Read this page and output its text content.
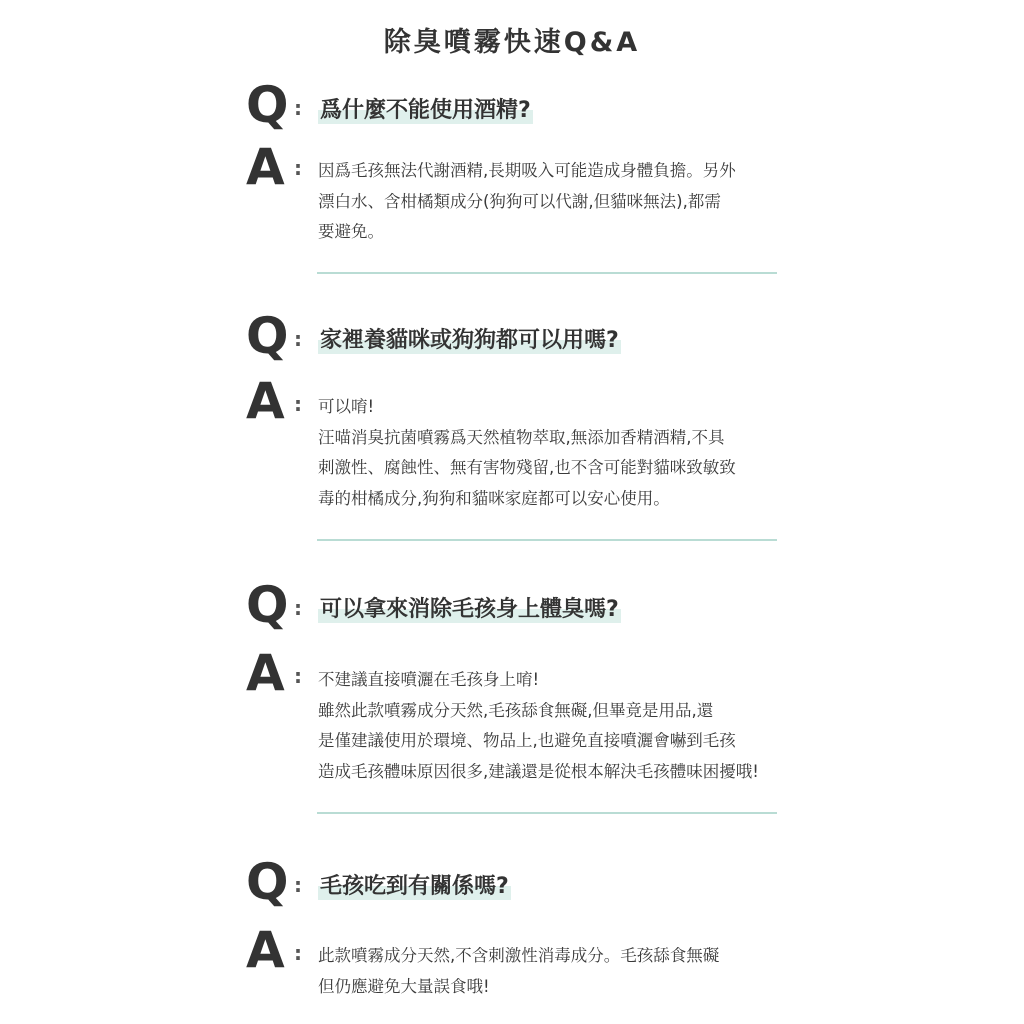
除臭噴霧快速Q&A
Q : 爲什麼不能使用酒精?
A : 因爲毛孩無法代謝酒精,長期吸入可能造成身體負擔。另外

漂白水、含柑橘類成分(狗狗可以代謝,但貓咪無法),都需

要避免。

Q : 家裡養貓咪或狗狗都可以用嗎?
A : 可以唷!

汪喵消臭抗菌噴霧爲天然植物萃取,無添加香精酒精,不具

刺激性、腐蝕性、無有害物殘留,也不含可能對貓咪致敏致

毒的柑橘成分,狗狗和貓咪家庭都可以安心使用。

Q : 可以拿來消除毛孩身上體臭嗎?
A : 不建議直接噴灑在毛孩身上唷!

雖然此款噴霧成分天然,毛孩舔食無礙,但畢竟是用品,還

是僅建議使用於環境、物品上,也避免直接噴灑會嚇到毛孩

造成毛孩體味原因很多,建議還是從根本解決毛孩體味困擾哦!

Q : 毛孩吃到有關係嗎?
A : 此款噴霧成分天然,不含刺激性消毒成分。毛孩舔食無礙

但仍應避免大量誤食哦!
